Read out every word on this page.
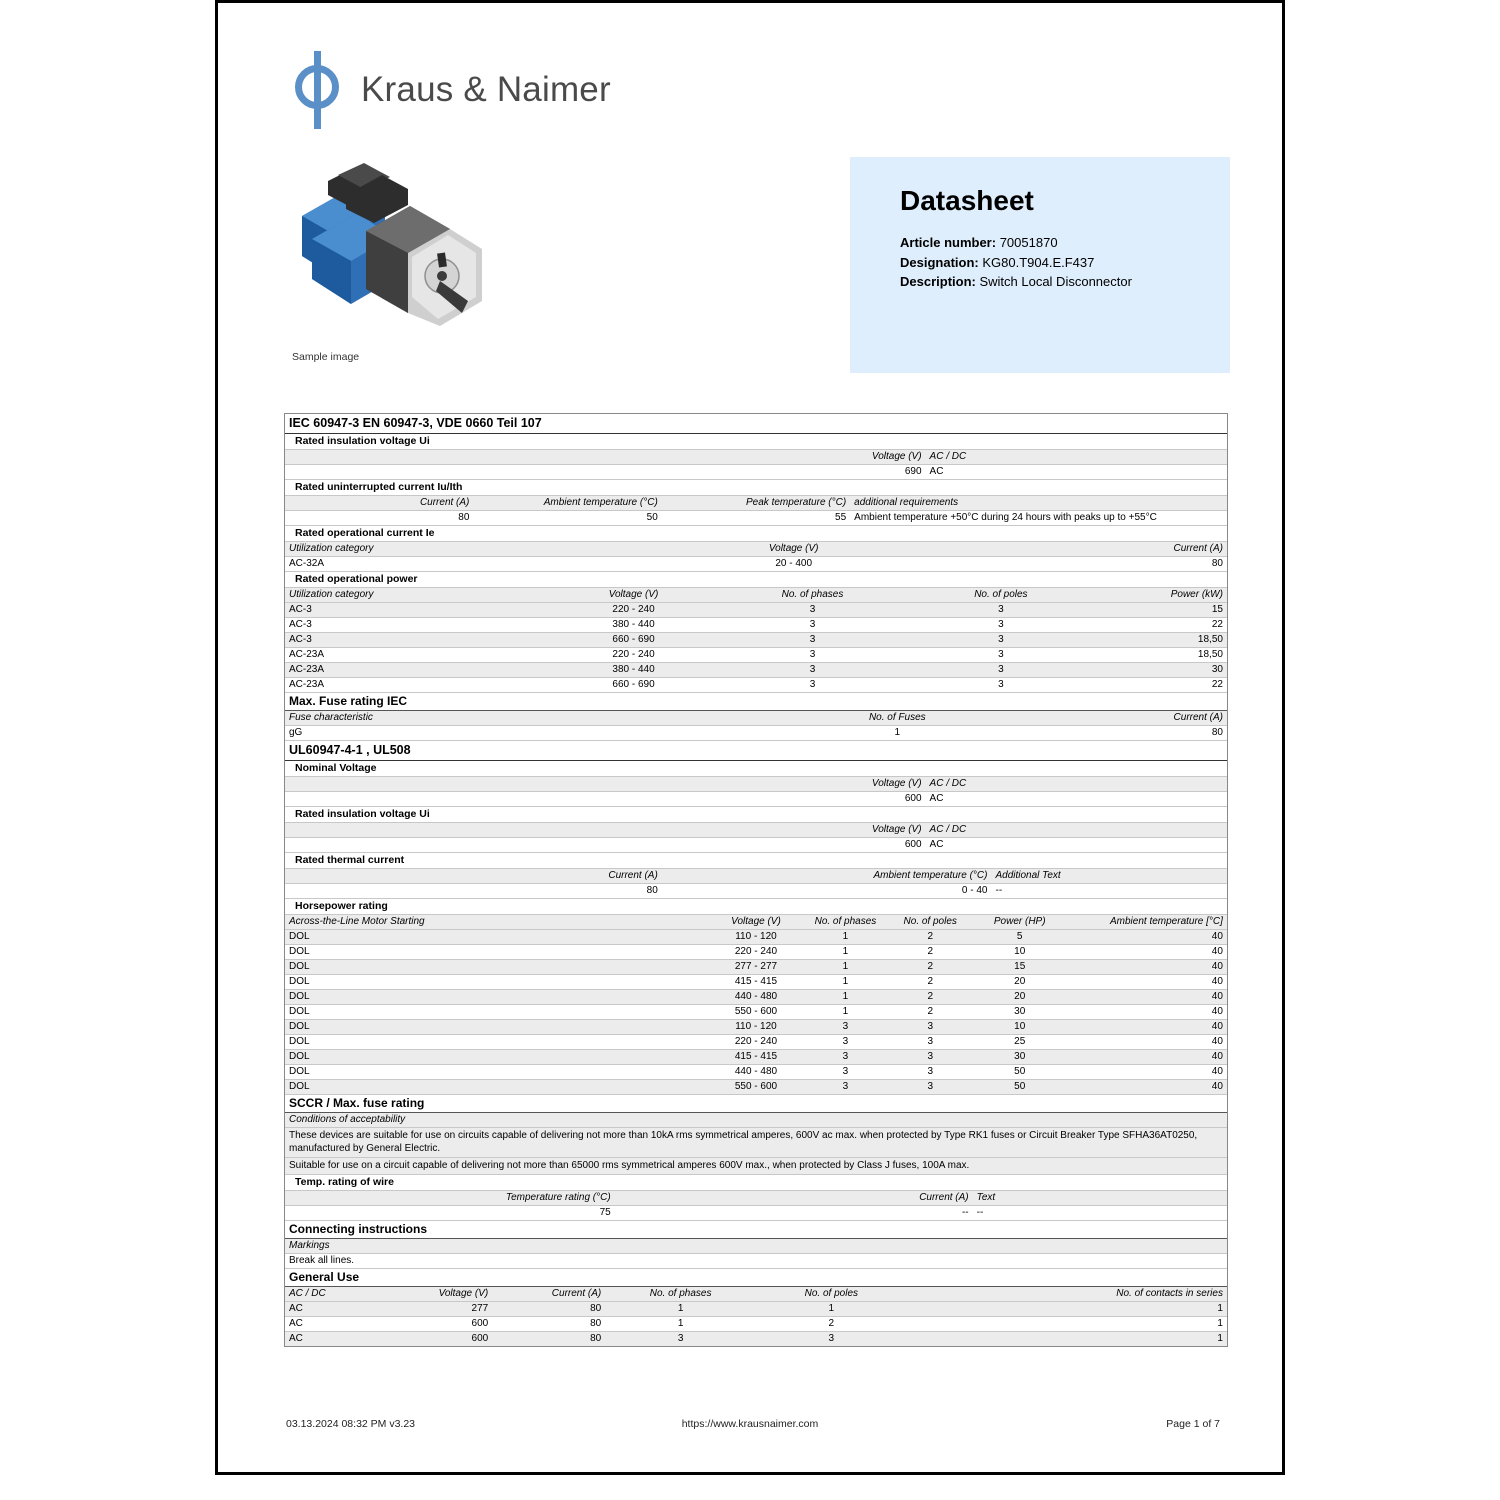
Kraus & Naimer
Sample image
Datasheet
Article number: 70051870
Designation: KG80.T904.E.F437
Description: Switch Local Disconnector
IEC 60947-3 EN 60947-3, VDE 0660 Teil 107
Rated insulation voltage Ui
Voltage (V) AC / DC
690 AC
Rated uninterrupted current Iu/Ith
Current (A)	Ambient temperature (°C)	Peak temperature (°C) additional requirements
80	50	55 Ambient temperature +50°C during 24 hours with peaks up to +55°C
Rated operational current Ie
Utilization category	Voltage (V)	Current (A)
AC-32A	20 - 400	80
Rated operational power
Utilization category	Voltage (V)	No. of phases	No. of poles	Power (kW)
AC-3	220 - 240	3	3	15
AC-3	380 - 440	3	3	22
AC-3	660 - 690	3	3	18,50
AC-23A	220 - 240	3	3	18,50
AC-23A	380 - 440	3	3	30
AC-23A	660 - 690	3	3	22
Max. Fuse rating IEC
Fuse characteristic	No. of Fuses	Current (A)
gG	1	80
UL60947-4-1 , UL508
Nominal Voltage
Voltage (V) AC / DC
600 AC
Rated insulation voltage Ui
Voltage (V) AC / DC
600 AC
Rated thermal current
Current (A)	Ambient temperature (°C) Additional Text
80	0 - 40 --
Horsepower rating
Across-the-Line Motor Starting	Voltage (V)	No. of phases	No. of poles	Power (HP)	Ambient temperature [°C]
DOL	110 - 120	1	2	5	40
DOL	220 - 240	1	2	10	40
DOL	277 - 277	1	2	15	40
DOL	415 - 415	1	2	20	40
DOL	440 - 480	1	2	20	40
DOL	550 - 600	1	2	30	40
DOL	110 - 120	3	3	10	40
DOL	220 - 240	3	3	25	40
DOL	415 - 415	3	3	30	40
DOL	440 - 480	3	3	50	40
DOL	550 - 600	3	3	50	40
SCCR / Max. fuse rating
Conditions of acceptability
These devices are suitable for use on circuits capable of delivering not more than 10kA rms symmetrical amperes, 600V ac max. when protected by Type RK1 fuses or Circuit Breaker Type SFHA36AT0250, manufactured by General Electric.
Suitable for use on a circuit capable of delivering not more than 65000 rms symmetrical amperes 600V max., when protected by Class J fuses, 100A max.
Temp. rating of wire
Temperature rating (°C)	Current (A) Text
75	-- --
Connecting instructions
Markings
Break all lines.
General Use
AC / DC	Voltage (V)	Current (A)	No. of phases	No. of poles	No. of contacts in series
AC	277	80	1	1	1
AC	600	80	1	2	1
AC	600	80	3	3	1
03.13.2024 08:32 PM v3.23	https://www.krausnaimer.com	Page 1 of 7
